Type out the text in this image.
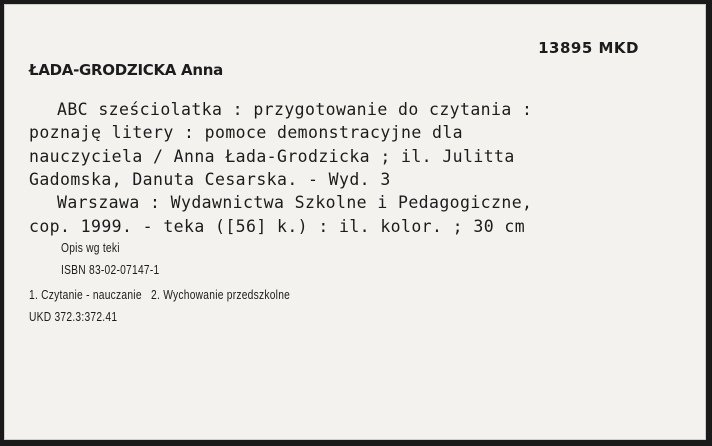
13895 MKD

ŁADA-GRODZICKA Anna

ABC sześciolatka : przygotowanie do czytania :

poznaję litery : pomoce demonstracyjne dla

nauczyciela / Anna Łada-Grodzicka ; il. Julitta

Gadomska, Danuta Cesarska. - Wyd. 3

Warszawa : Wydawnictwa Szkolne i Pedagogiczne,

cop. 1999. - teka ([56] k.) : il. kolor. ; 30 cm

Opis wg teki

ISBN 83-02-07147-1

1. Czytanie - nauczanie   2. Wychowanie przedszkolne

UKD 372.3:372.41
